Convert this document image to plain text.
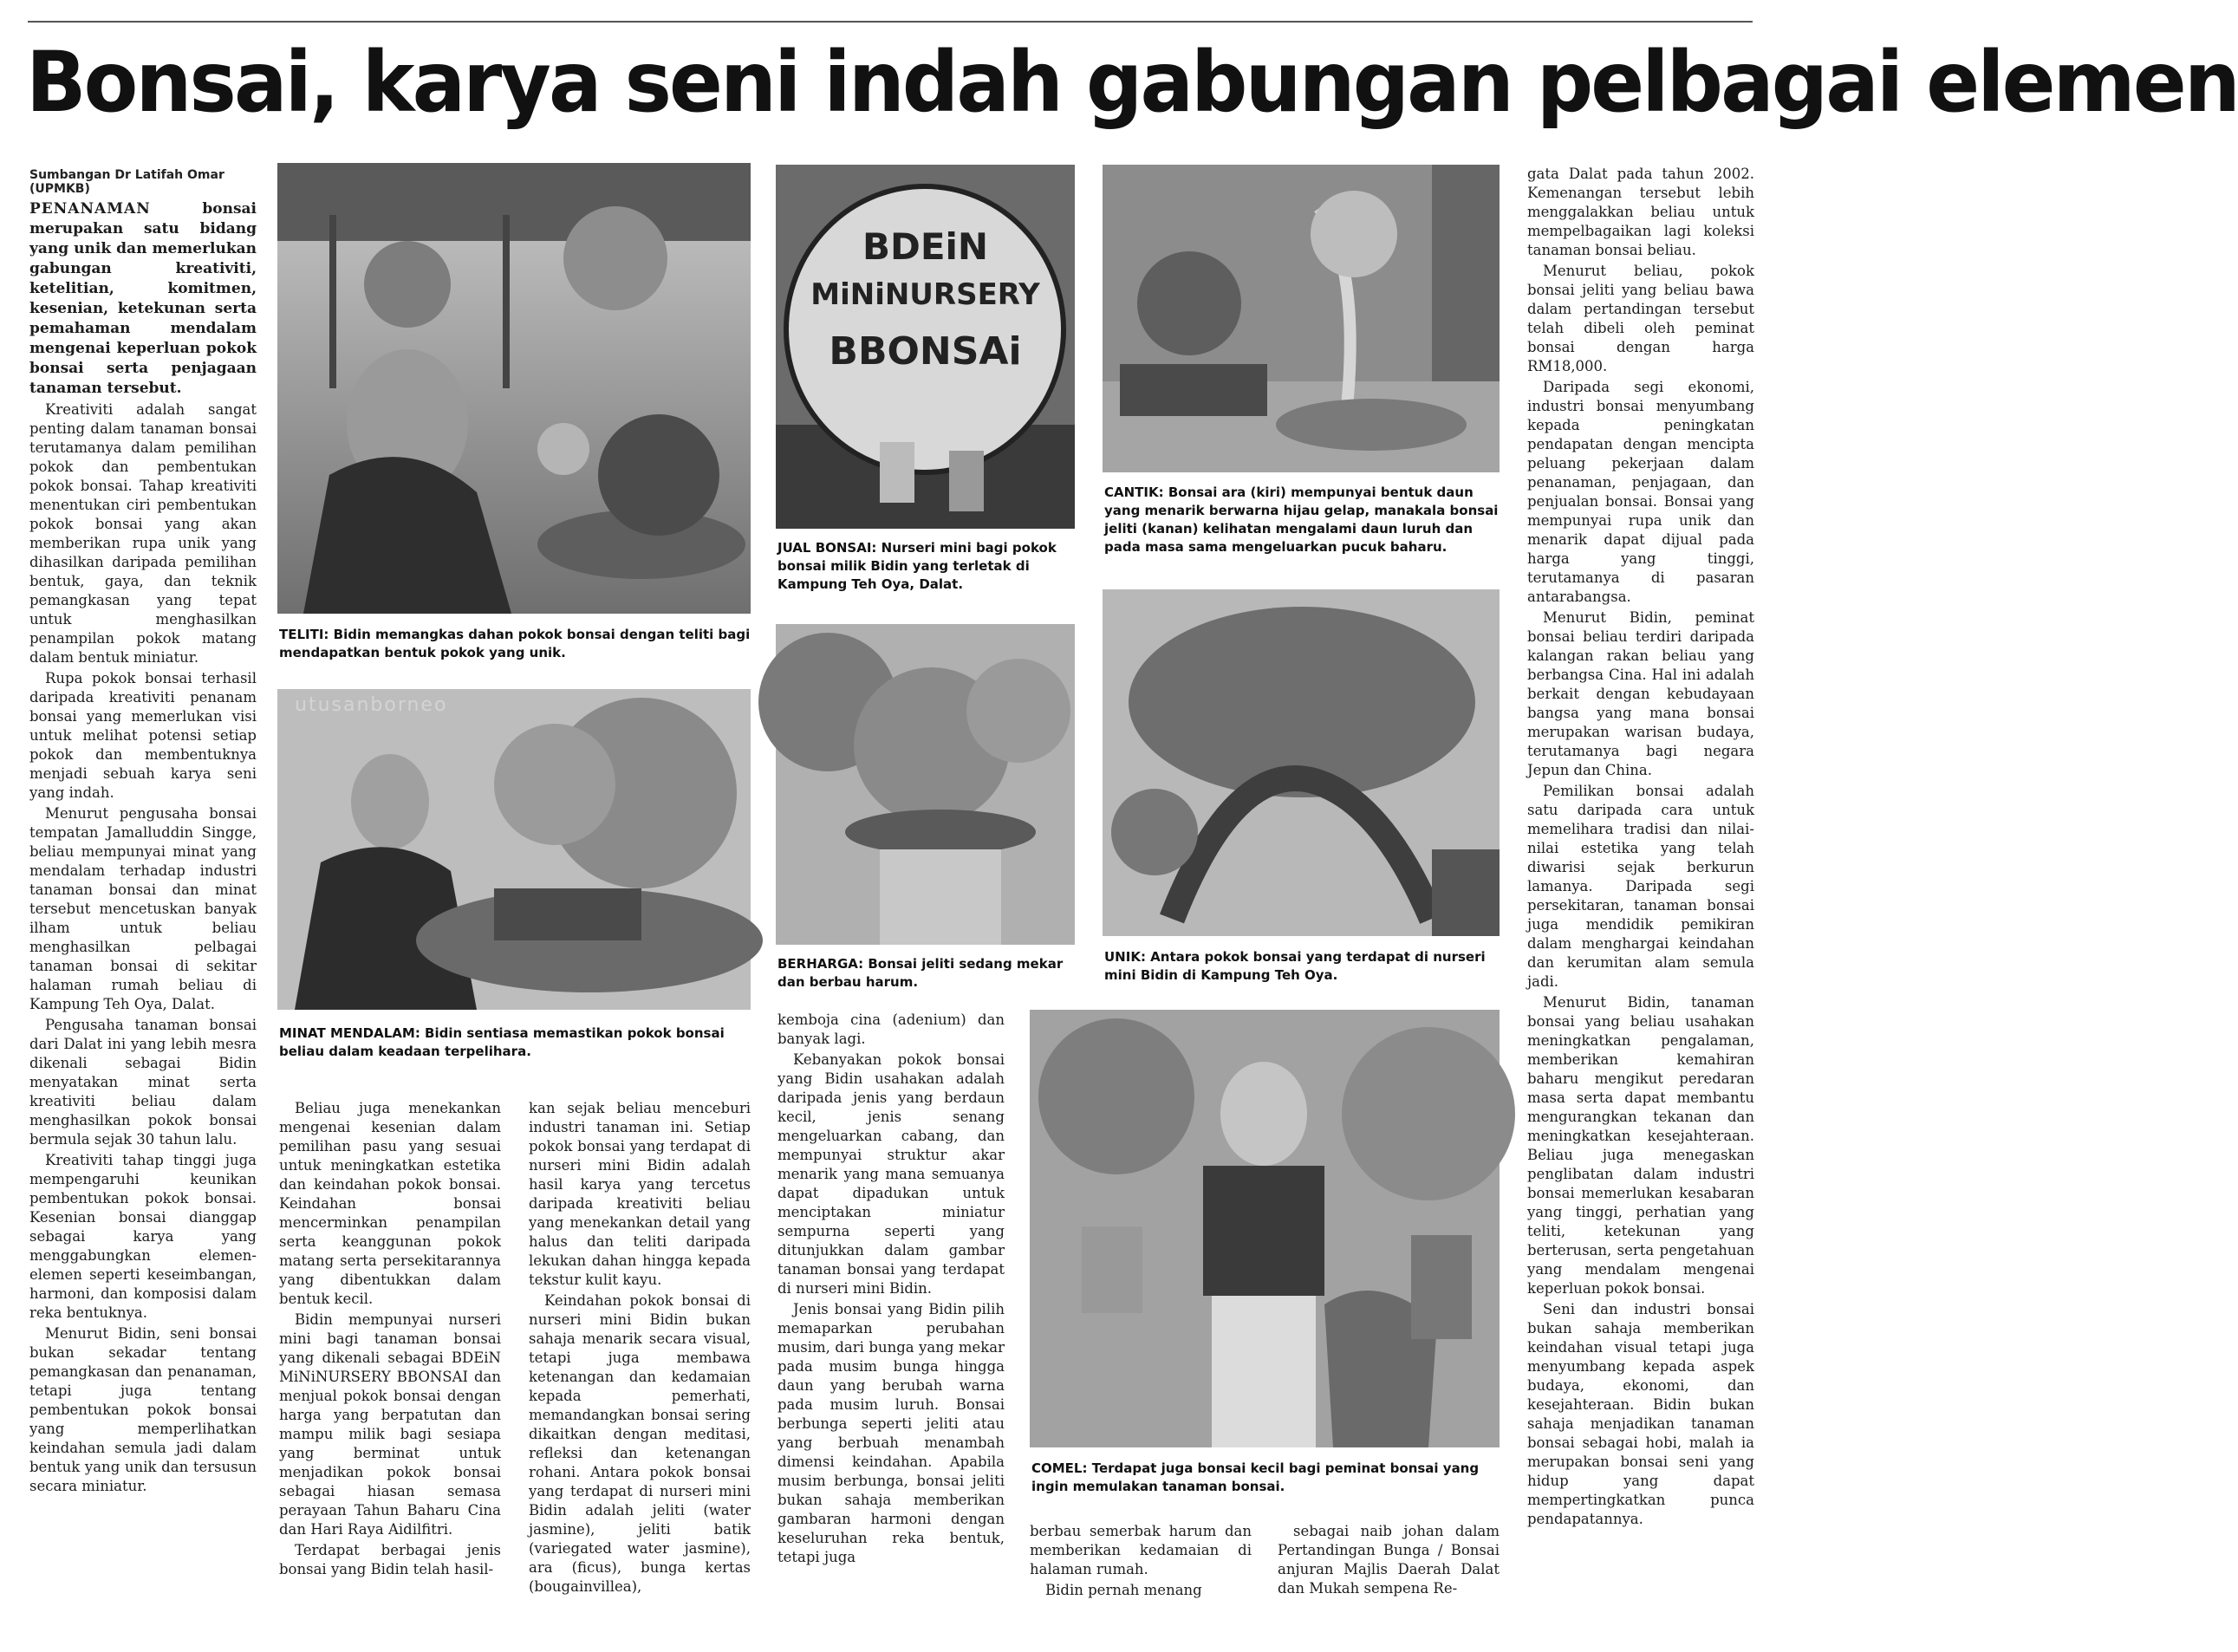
Bonsai, karya seni indah gabungan pelbagai elemen
Sumbangan Dr Latifah Omar (UPMKB)

PENANAMAN	bonsai merupakan satu bidang yang unik dan memerlukan gabungan kreativiti, ketelitian, komitmen, kesenian, ketekunan serta pemahaman mendalam mengenai keperluan pokok bonsai serta penjagaan tanaman tersebut.

Kreativiti adalah sangat penting dalam tanaman bonsai terutamanya dalam pemilihan pokok dan pembentukan pokok bonsai. Tahap kreativiti menentukan ciri pembentukan pokok bonsai yang akan memberikan rupa unik yang dihasilkan daripada pemilihan bentuk, gaya, dan teknik pemangkasan yang tepat untuk menghasilkan penampilan pokok matang dalam bentuk miniatur.

Rupa pokok bonsai terhasil daripada kreativiti penanam bonsai yang memerlukan visi untuk melihat potensi setiap pokok dan membentuknya menjadi sebuah karya seni yang indah.

Menurut pengusaha bonsai tempatan Jamalluddin Singge, beliau mempunyai minat yang mendalam terhadap industri tanaman bonsai dan minat tersebut mencetuskan banyak ilham untuk beliau menghasilkan pelbagai tanaman bonsai di sekitar halaman rumah beliau di Kampung Teh Oya, Dalat.

Pengusaha tanaman bonsai dari Dalat ini yang lebih mesra dikenali sebagai Bidin menyatakan minat serta kreativiti beliau dalam menghasilkan pokok bonsai bermula sejak 30 tahun lalu.

Kreativiti tahap tinggi juga mempengaruhi keunikan pembentukan pokok bonsai. Kesenian bonsai dianggap sebagai karya yang menggabungkan elemen-elemen seperti keseimbangan, harmoni, dan komposisi dalam reka bentuknya.

Menurut Bidin, seni bonsai bukan sekadar tentang pemangkasan dan penanaman, tetapi juga tentang pembentukan pokok bonsai yang memperlihatkan keindahan semula jadi dalam bentuk yang unik dan tersusun secara miniatur.

TELITI: Bidin memangkas dahan pokok bonsai dengan teliti bagi mendapatkan bentuk pokok yang unik.
utusanborneo
MINAT MENDALAM: Bidin sentiasa memastikan pokok bonsai beliau dalam keadaan terpelihara.

Beliau juga menekankan mengenai kesenian dalam pemilihan pasu yang sesuai untuk meningkatkan estetika dan keindahan pokok bonsai. Keindahan bonsai mencerminkan penampilan serta keanggunan pokok matang serta persekitarannya yang dibentukkan dalam bentuk kecil.

Bidin mempunyai nurseri mini bagi tanaman bonsai yang dikenali sebagai BDEiN MiNiNURSERY BBONSAI dan menjual pokok bonsai dengan harga yang berpatutan dan mampu milik bagi sesiapa yang berminat untuk menjadikan pokok bonsai sebagai hiasan semasa perayaan Tahun Baharu Cina dan Hari Raya Aidilfitri.

Terdapat berbagai jenis bonsai yang Bidin telah hasil-

kan sejak beliau menceburi industri tanaman ini. Setiap pokok bonsai yang terdapat di nurseri mini Bidin adalah hasil karya yang tercetus daripada kreativiti beliau yang menekankan detail yang halus dan teliti daripada lekukan dahan hingga kepada tekstur kulit kayu.

Keindahan pokok bonsai di nurseri mini Bidin bukan sahaja menarik secara visual, tetapi juga membawa ketenangan dan kedamaian kepada pemerhati, memandangkan bonsai sering dikaitkan dengan meditasi, refleksi dan ketenangan rohani. Antara pokok bonsai yang terdapat di nurseri mini Bidin adalah jeliti (water jasmine), jeliti batik (variegated water jasmine), ara (ficus), bunga kertas (bougainvillea),

BDEiN
MiNiNURSERY
BBONSAi
JUAL BONSAI: Nurseri mini bagi pokok bonsai milik Bidin yang terletak di Kampung Teh Oya, Dalat.
BERHARGA: Bonsai jeliti sedang mekar dan berbau harum.

kemboja cina (adenium) dan banyak lagi.

Kebanyakan pokok bonsai yang Bidin usahakan adalah daripada jenis yang berdaun kecil, jenis senang mengeluarkan cabang, dan mempunyai struktur akar menarik yang mana semuanya dapat dipadukan untuk menciptakan miniatur sempurna seperti yang ditunjukkan dalam gambar tanaman bonsai yang terdapat di nurseri mini Bidin.

Jenis bonsai yang Bidin pilih memaparkan perubahan musim, dari bunga yang mekar pada musim bunga hingga daun yang berubah warna pada musim luruh. Bonsai berbunga seperti jeliti atau yang berbuah menambah dimensi keindahan. Apabila musim berbunga, bonsai jeliti bukan sahaja memberikan gambaran harmoni dengan keseluruhan reka bentuk, tetapi juga

CANTIK: Bonsai ara (kiri) mempunyai bentuk daun yang menarik berwarna hijau gelap, manakala bonsai jeliti (kanan) kelihatan mengalami daun luruh dan pada masa sama mengeluarkan pucuk baharu.
UNIK: Antara pokok bonsai yang terdapat di nurseri mini Bidin di Kampung Teh Oya.
COMEL: Terdapat juga bonsai kecil bagi peminat bonsai yang ingin memulakan tanaman bonsai.

berbau semerbak harum dan memberikan kedamaian di halaman rumah.

Bidin pernah menang

sebagai naib johan dalam Pertandingan Bunga / Bonsai anjuran Majlis Daerah Dalat dan Mukah sempena Re-

gata Dalat pada tahun 2002. Kemenangan tersebut lebih menggalakkan beliau untuk mempelbagaikan lagi koleksi tanaman bonsai beliau.

Menurut beliau, pokok bonsai jeliti yang beliau bawa dalam pertandingan tersebut telah dibeli oleh peminat bonsai dengan harga RM18,000.

Daripada segi ekonomi, industri bonsai menyumbang kepada peningkatan pendapatan dengan mencipta peluang pekerjaan dalam penanaman, penjagaan, dan penjualan bonsai. Bonsai yang mempunyai rupa unik dan menarik dapat dijual pada harga yang tinggi, terutamanya di pasaran antarabangsa.

Menurut Bidin, peminat bonsai beliau terdiri daripada kalangan rakan beliau yang berbangsa Cina. Hal ini adalah berkait dengan kebudayaan bangsa yang mana bonsai merupakan warisan budaya, terutamanya bagi negara Jepun dan China.

Pemilikan bonsai adalah satu daripada cara untuk memelihara tradisi dan nilai-nilai estetika yang telah diwarisi sejak berkurun lamanya. Daripada segi persekitaran, tanaman bonsai juga mendidik pemikiran dalam menghargai keindahan dan kerumitan alam semula jadi.

Menurut Bidin, tanaman bonsai yang beliau usahakan meningkatkan pengalaman, memberikan kemahiran baharu mengikut peredaran masa serta dapat membantu mengurangkan tekanan dan meningkatkan kesejahteraan. Beliau juga menegaskan penglibatan dalam industri bonsai memerlukan kesabaran yang tinggi, perhatian yang teliti, ketekunan yang berterusan, serta pengetahuan yang mendalam mengenai keperluan pokok bonsai.

Seni dan industri bonsai bukan sahaja memberikan keindahan visual tetapi juga menyumbang kepada aspek budaya, ekonomi, dan kesejahteraan. Bidin bukan sahaja menjadikan tanaman bonsai sebagai hobi, malah ia merupakan bonsai seni yang hidup yang dapat mempertingkatkan punca pendapatannya.
